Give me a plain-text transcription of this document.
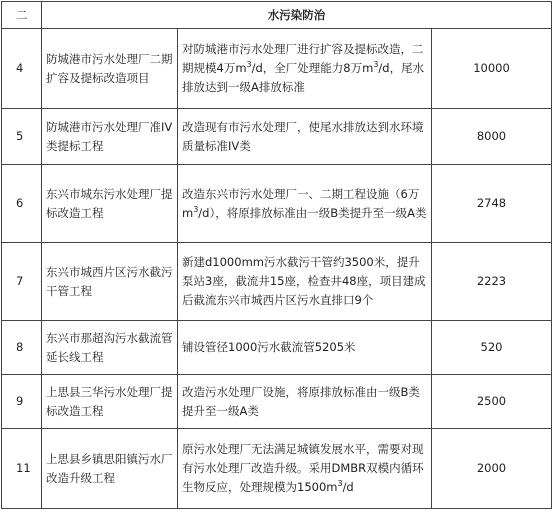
二	水污染防治		
4	防城港市污水处理厂二期扩容及提标改造项目	对防城港市污水处理厂进行扩容及提标改造，二期规模4万$m^3/d$，全厂处理能力8万$m^3/d$，尾水排放达到一级A排放标准	10000
5	防城港市污水处理厂准IV类提标工程	改造现有市污水处理厂，使尾水排放达到水环境质量标准IV类	8000
6	东兴市城东污水处理厂提标改造工程	改造东兴市污水处理厂一、二期工程设施（6万$m^3/d$），将原排放标准由一级B类提升至一级A类	2748
7	东兴市城西片区污水截污干管工程	新建d1000mm污水截污干管约3500米，提升泵站3座，截流井15座，检查井48座，项目建成后截流东兴市城西片区污水直排口9个	2223
8	东兴市那超沟污水截流管延长线工程	铺设管径1000污水截流管5205米	520
9	上思县三华污水处理厂提标改造工程	改造污水处理厂设施，将原排放标准由一级B类提升至一级A类	2500
11	上思县乡镇思阳镇污水厂改造升级工程	原污水处理厂无法满足城镇发展水平，需要对现有污水处理厂改造升级。采用DMBR双模内循环生物反应，处理规模为$1500m^3/d$	2000
